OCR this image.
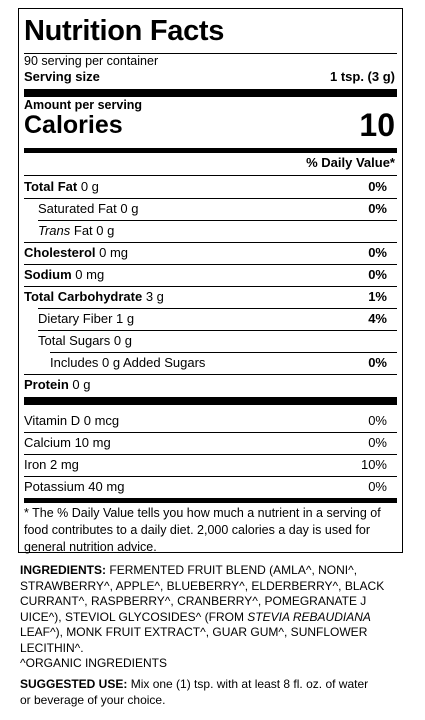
Nutrition Facts
90 serving per container
Serving size	1 tsp. (3 g)
Amount per serving
Calories	10
% Daily Value*
Total Fat 0 g	0%
Saturated Fat 0 g	0%
Trans Fat 0 g
Cholesterol 0 mg	0%
Sodium 0 mg	0%
Total Carbohydrate 3 g	1%
Dietary Fiber 1 g	4%
Total Sugars 0 g
Includes 0 g Added Sugars	0%
Protein 0 g
Vitamin D 0 mcg	0%
Calcium 10 mg	0%
Iron 2 mg	10%
Potassium 40 mg	0%
* The % Daily Value tells you how much a nutrient in a serving of food contributes to a daily diet. 2,000 calories a day is used for general nutrition advice.
INGREDIENTS: FERMENTED FRUIT BLEND (AMLA^, NONI^,
STRAWBERRY^, APPLE^, BLUEBERRY^, ELDERBERRY^, BLACK
CURRANT^, RASPBERRY^, CRANBERRY^, POMEGRANATE J
UICE^), STEVIOL GLYCOSIDES^ (FROM STEVIA REBAUDIANA
LEAF^), MONK FRUIT EXTRACT^, GUAR GUM^, SUNFLOWER
LECITHIN^.
^ORGANIC INGREDIENTS
SUGGESTED USE: Mix one (1) tsp. with at least 8 fl. oz. of water
or beverage of your choice.
